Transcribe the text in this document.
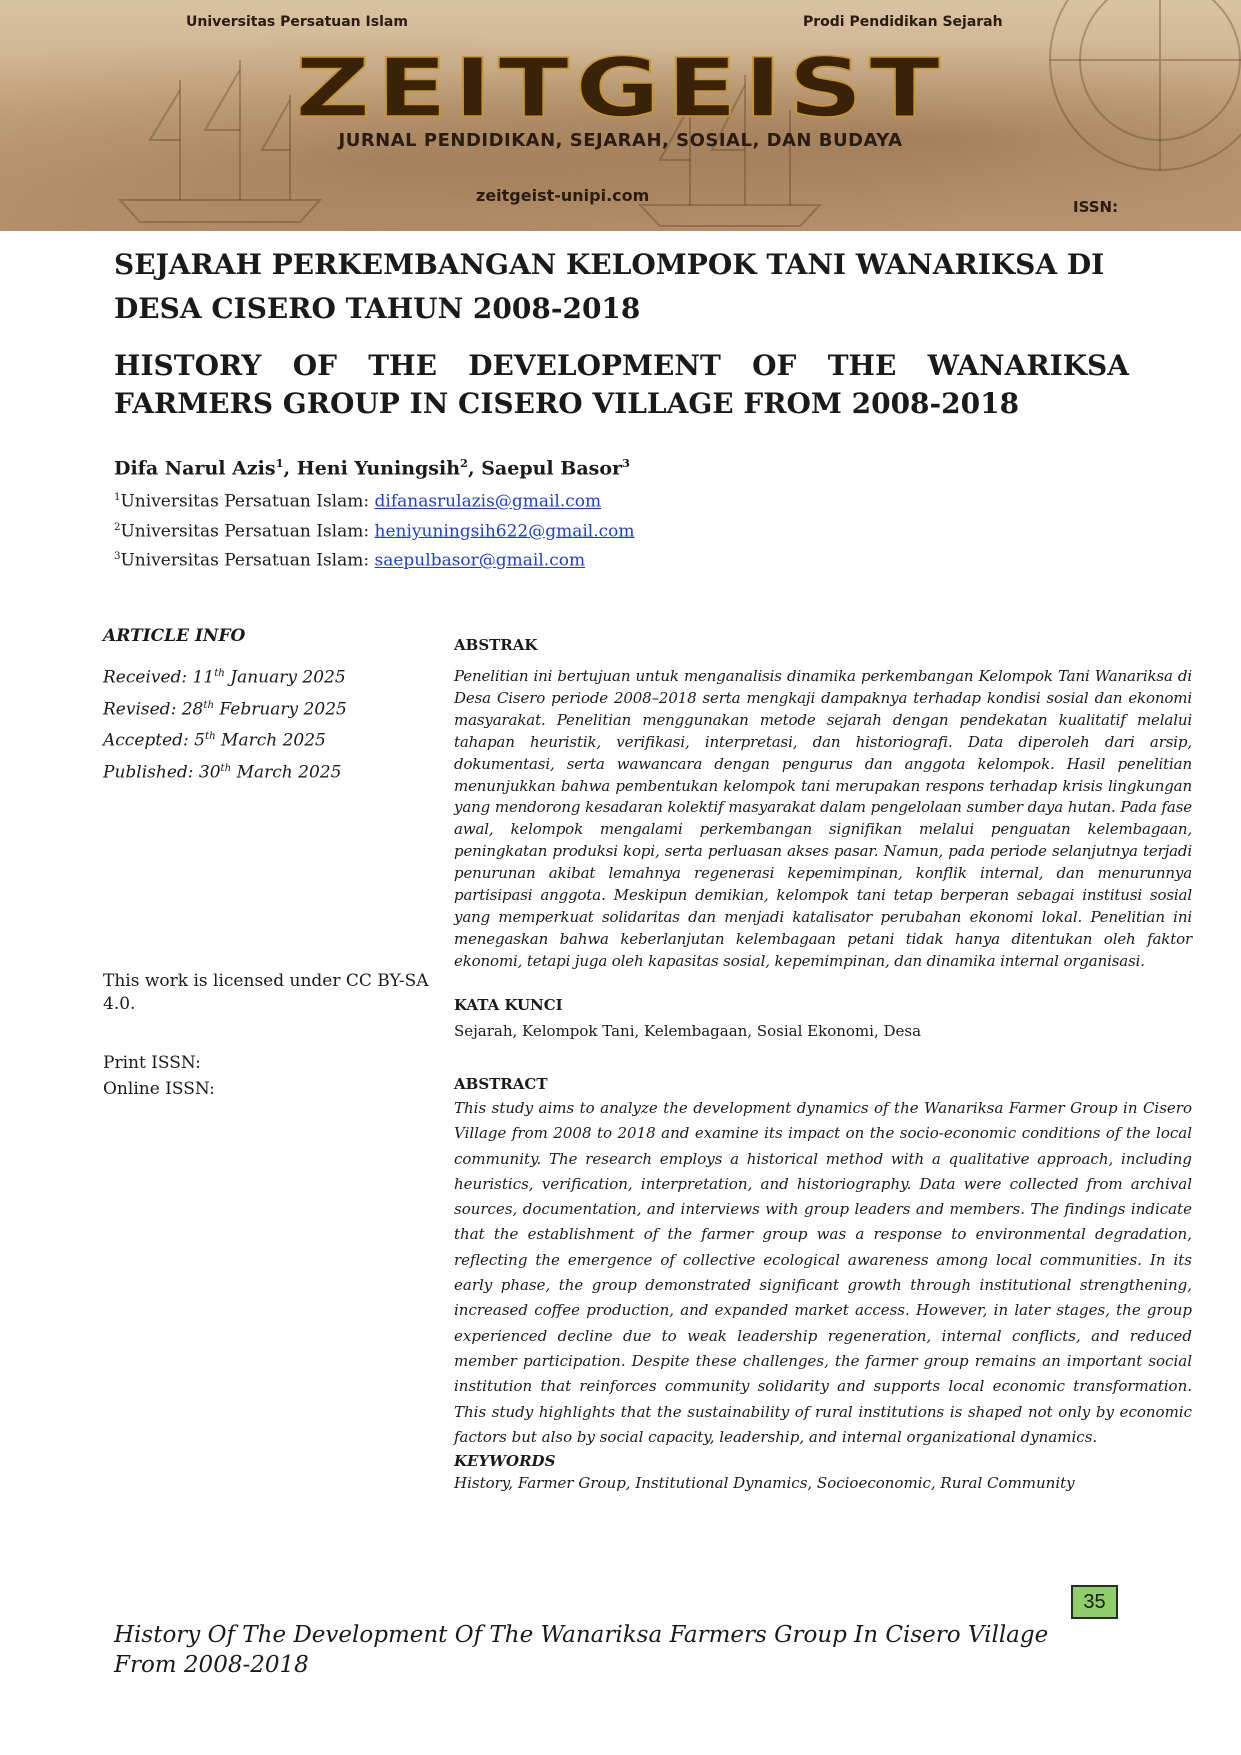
Universitas Persatuan Islam	Prodi Pendidikan Sejarah
ZEITGEIST
JURNAL PENDIDIKAN, SEJARAH, SOSIAL, DAN BUDAYA
zeitgeist-unipi.com
ISSN:
SEJARAH PERKEMBANGAN KELOMPOK TANI WANARIKSA DI DESA CISERO TAHUN 2008-2018
HISTORY OF THE DEVELOPMENT OF THE WANARIKSA FARMERS GROUP IN CISERO VILLAGE FROM 2008-2018
Difa Narul Azis$^1$, Heni Yuningsih$^2$, Saepul Basor$^3$
$^1$Universitas Persatuan Islam: difanasrulazis@gmail.com
$^2$Universitas Persatuan Islam: heniyuningsih622@gmail.com
$^3$Universitas Persatuan Islam: saepulbasor@gmail.com
ARTICLE INFO
Received: 11th January 2025
Revised: 28th February 2025
Accepted: 5th March 2025
Published: 30th March 2025
This work is licensed under CC BY-SA 4.0.
Print ISSN:
Online ISSN:
ABSTRAK
Penelitian ini bertujuan untuk menganalisis dinamika perkembangan Kelompok Tani Wanariksa di Desa Cisero periode 2008–2018 serta mengkaji dampaknya terhadap kondisi sosial dan ekonomi masyarakat. Penelitian menggunakan metode sejarah dengan pendekatan kualitatif melalui tahapan heuristik, verifikasi, interpretasi, dan historiografi. Data diperoleh dari arsip, dokumentasi, serta wawancara dengan pengurus dan anggota kelompok. Hasil penelitian menunjukkan bahwa pembentukan kelompok tani merupakan respons terhadap krisis lingkungan yang mendorong kesadaran kolektif masyarakat dalam pengelolaan sumber daya hutan. Pada fase awal, kelompok mengalami perkembangan signifikan melalui penguatan kelembagaan, peningkatan produksi kopi, serta perluasan akses pasar. Namun, pada periode selanjutnya terjadi penurunan akibat lemahnya regenerasi kepemimpinan, konflik internal, dan menurunnya partisipasi anggota. Meskipun demikian, kelompok tani tetap berperan sebagai institusi sosial yang memperkuat solidaritas dan menjadi katalisator perubahan ekonomi lokal. Penelitian ini menegaskan bahwa keberlanjutan kelembagaan petani tidak hanya ditentukan oleh faktor ekonomi, tetapi juga oleh kapasitas sosial, kepemimpinan, dan dinamika internal organisasi.
KATA KUNCI
Sejarah, Kelompok Tani, Kelembagaan, Sosial Ekonomi, Desa
ABSTRACT
This study aims to analyze the development dynamics of the Wanariksa Farmer Group in Cisero Village from 2008 to 2018 and examine its impact on the socio-economic conditions of the local community. The research employs a historical method with a qualitative approach, including heuristics, verification, interpretation, and historiography. Data were collected from archival sources, documentation, and interviews with group leaders and members. The findings indicate that the establishment of the farmer group was a response to environmental degradation, reflecting the emergence of collective ecological awareness among local communities. In its early phase, the group demonstrated significant growth through institutional strengthening, increased coffee production, and expanded market access. However, in later stages, the group experienced decline due to weak leadership regeneration, internal conflicts, and reduced member participation. Despite these challenges, the farmer group remains an important social institution that reinforces community solidarity and supports local economic transformation. This study highlights that the sustainability of rural institutions is shaped not only by economic factors but also by social capacity, leadership, and internal organizational dynamics.
KEYWORDS
History, Farmer Group, Institutional Dynamics, Socioeconomic, Rural Community
35
History Of The Development Of The Wanariksa Farmers Group In Cisero Village From 2008-2018
